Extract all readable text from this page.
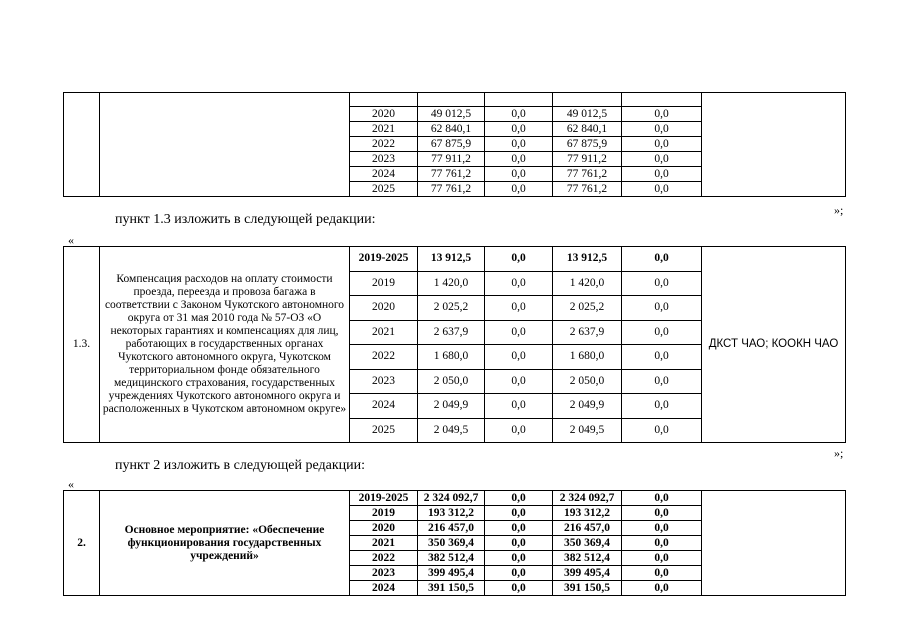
		2020	49 012,5	0,0	49 012,5	0,0	
		2021	62 840,1	0,0	62 840,1	0,0	
		2022	67 875,9	0,0	67 875,9	0,0	
		2023	77 911,2	0,0	77 911,2	0,0	
		2024	77 761,2	0,0	77 761,2	0,0	
		2025	77 761,2	0,0	77 761,2	0,0	
»;
пункт 1.3 изложить в следующей редакции:
«
1.3.	Компенсация расходов на оплату стоимости проезда, переезда и провоза багажа в соответствии с Законом Чукотского автономного округа от 31 мая 2010 года № 57-ОЗ «О некоторых гарантиях и компенсациях для лиц, работающих в государственных органах Чукотского автономного округа, Чукотском территориальном фонде обязательного медицинского страхования, государственных учреждениях Чукотского автономного округа и расположенных в Чукотском автономном округе»	2019-2025	13 912,5	0,0	13 912,5	0,0	ДКСТ ЧАО; КООКН ЧАО
		2019	1 420,0	0,0	1 420,0	0,0	
		2020	2 025,2	0,0	2 025,2	0,0	
		2021	2 637,9	0,0	2 637,9	0,0	
		2022	1 680,0	0,0	1 680,0	0,0	
		2023	2 050,0	0,0	2 050,0	0,0	
		2024	2 049,9	0,0	2 049,9	0,0	
		2025	2 049,5	0,0	2 049,5	0,0	
»;
пункт 2 изложить в следующей редакции:
«
2.	Основное мероприятие: «Обеспечение функционирования государственных учреждений»	2019-2025	2 324 092,7	0,0	2 324 092,7	0,0	
		2019	193 312,2	0,0	193 312,2	0,0	
		2020	216 457,0	0,0	216 457,0	0,0	
		2021	350 369,4	0,0	350 369,4	0,0	
		2022	382 512,4	0,0	382 512,4	0,0	
		2023	399 495,4	0,0	399 495,4	0,0	
		2024	391 150,5	0,0	391 150,5	0,0	
